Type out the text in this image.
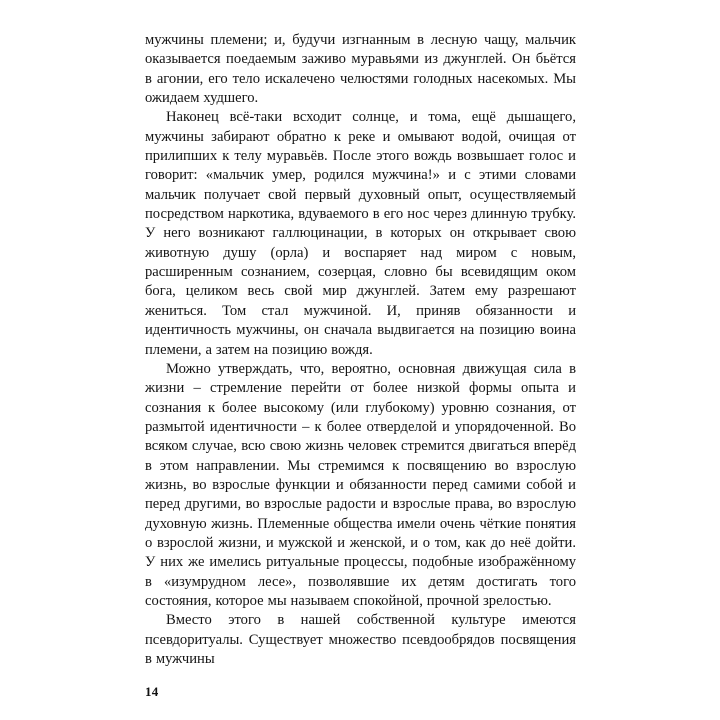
мужчины племени; и, будучи изгнанным в лесную чащу, мальчик оказывается поедаемым заживо муравьями из джунглей. Он бьётся в агонии, его тело искалечено челюстями голодных насекомых. Мы ожидаем худшего.

Наконец всё-таки всходит солнце, и тома, ещё дышащего, мужчины забирают обратно к реке и омывают водой, очищая от прилипших к телу муравьёв. После этого вождь возвышает голос и говорит: «мальчик умер, родился мужчина!» и с этими словами мальчик получает свой первый духовный опыт, осуществляемый посредством наркотика, вдуваемого в его нос через длинную трубку. У него возникают галлюцинации, в которых он открывает свою животную душу (орла) и воспаряет над миром с новым, расширенным сознанием, созерцая, словно бы всевидящим оком бога, целиком весь свой мир джунглей. Затем ему разрешают жениться. Том стал мужчиной. И, приняв обязанности и идентичность мужчины, он сначала выдвигается на позицию воина племени, а затем на позицию вождя.

Можно утверждать, что, вероятно, основная движущая сила в жизни – стремление перейти от более низкой формы опыта и сознания к более высокому (или глубокому) уровню сознания, от размытой идентичности – к более отверделой и упорядоченной. Во всяком случае, всю свою жизнь человек стремится двигаться вперёд в этом направлении. Мы стремимся к посвящению во взрослую жизнь, во взрослые функции и обязанности перед самими собой и перед другими, во взрослые радости и взрослые права, во взрослую духовную жизнь. Племенные общества имели очень чёткие понятия о взрослой жизни, и мужской и женской, и о том, как до неё дойти. У них же имелись ритуальные процессы, подобные изображённому в «изумрудном лесе», позволявшие их детям достигать того состояния, которое мы называем спокойной, прочной зрелостью.

Вместо этого в нашей собственной культуре имеются псевдоритуалы. Существует множество псевдообрядов посвящения в мужчины

14
